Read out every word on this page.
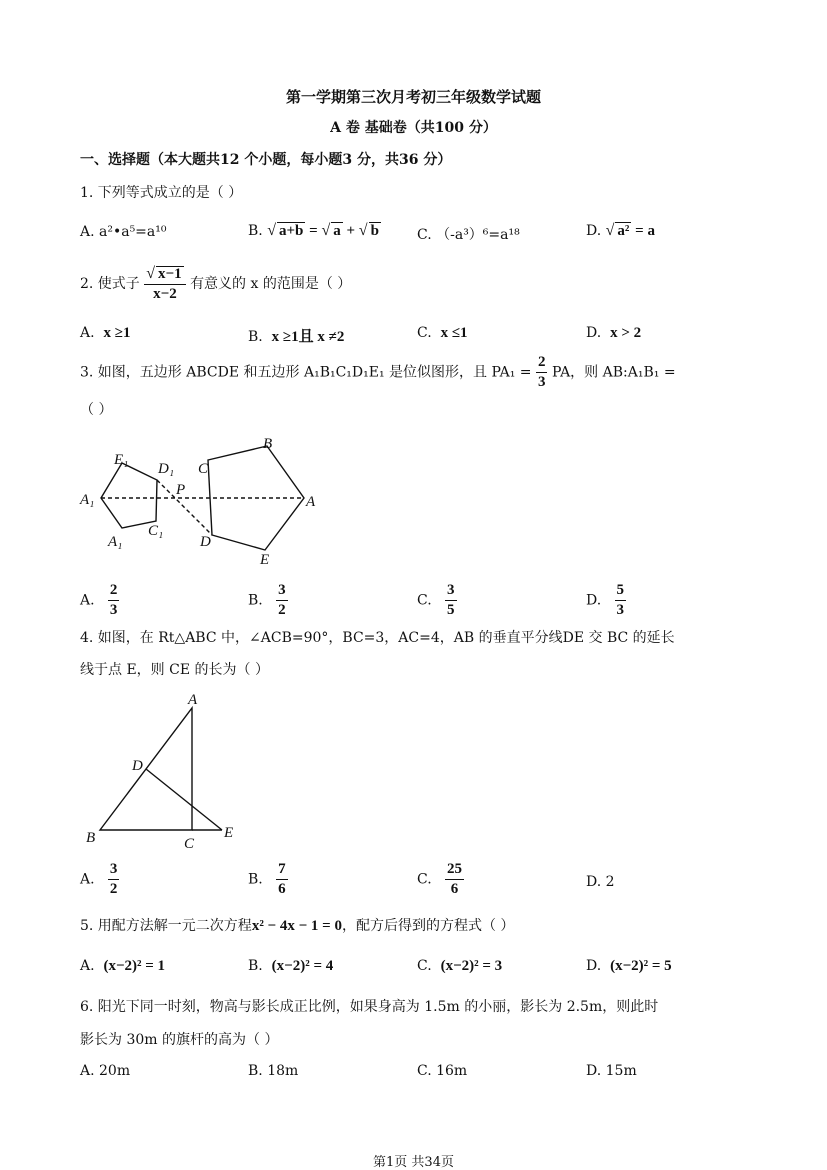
第一学期第三次月考初三年级数学试题
A 卷 基础卷（共100 分）
一、选择题（本大题共12 个小题，每小题3 分，共36 分）
1. 下列等式成立的是（ ）
A. a²•a⁵=a¹⁰	B. √ a+b = √ a + √ b	C. （-a³）⁶=a¹⁸	D. √ a² = a
2. 使式子 $\frac{√ x-1}{x-2}$ 有意义的 x 的范围是（ ）
A. x ≥1	B. x ≥1且 x ≠2	C. x ≤1	D. x > 2
3. 如图，五边形 ABCDE 和五边形 A₁B₁C₁D₁E₁ 是位似图形，且 $PA_1 = \frac{2}{3}$ PA，则 AB:A₁B₁ =
（ ）
E₁
D₁
A₁
A₁
C₁
P
C
B
A
D
E
A. $\frac{2}{3}$	B. $\frac{3}{2}$	C. $\frac{3}{5}$	D. $\frac{5}{3}$
4. 如图，在 Rt△ABC 中，∠ACB=90°，BC=3，AC=4，AB 的垂直平分线DE 交 BC 的延长
线于点 E，则 CE 的长为（ ）
A
D
B	C
E
A. $\frac{3}{2}$	B. $\frac{7}{6}$	C. $\frac{25}{6}$	D. 2
5. 用配方法解一元二次方程x² − 4x − 1 = 0，配方后得到的方程式（ ）
A. (x−2)² = 1	B. (x−2)² = 4	C. (x−2)² = 3	D. (x−2)² = 5
6. 阳光下同一时刻，物高与影长成正比例，如果身高为 1.5m 的小丽，影长为 2.5m，则此时
影长为 30m 的旗杆的高为（ ）
A. 20m	B. 18m	C. 16m	D. 15m
第1页 共34页
